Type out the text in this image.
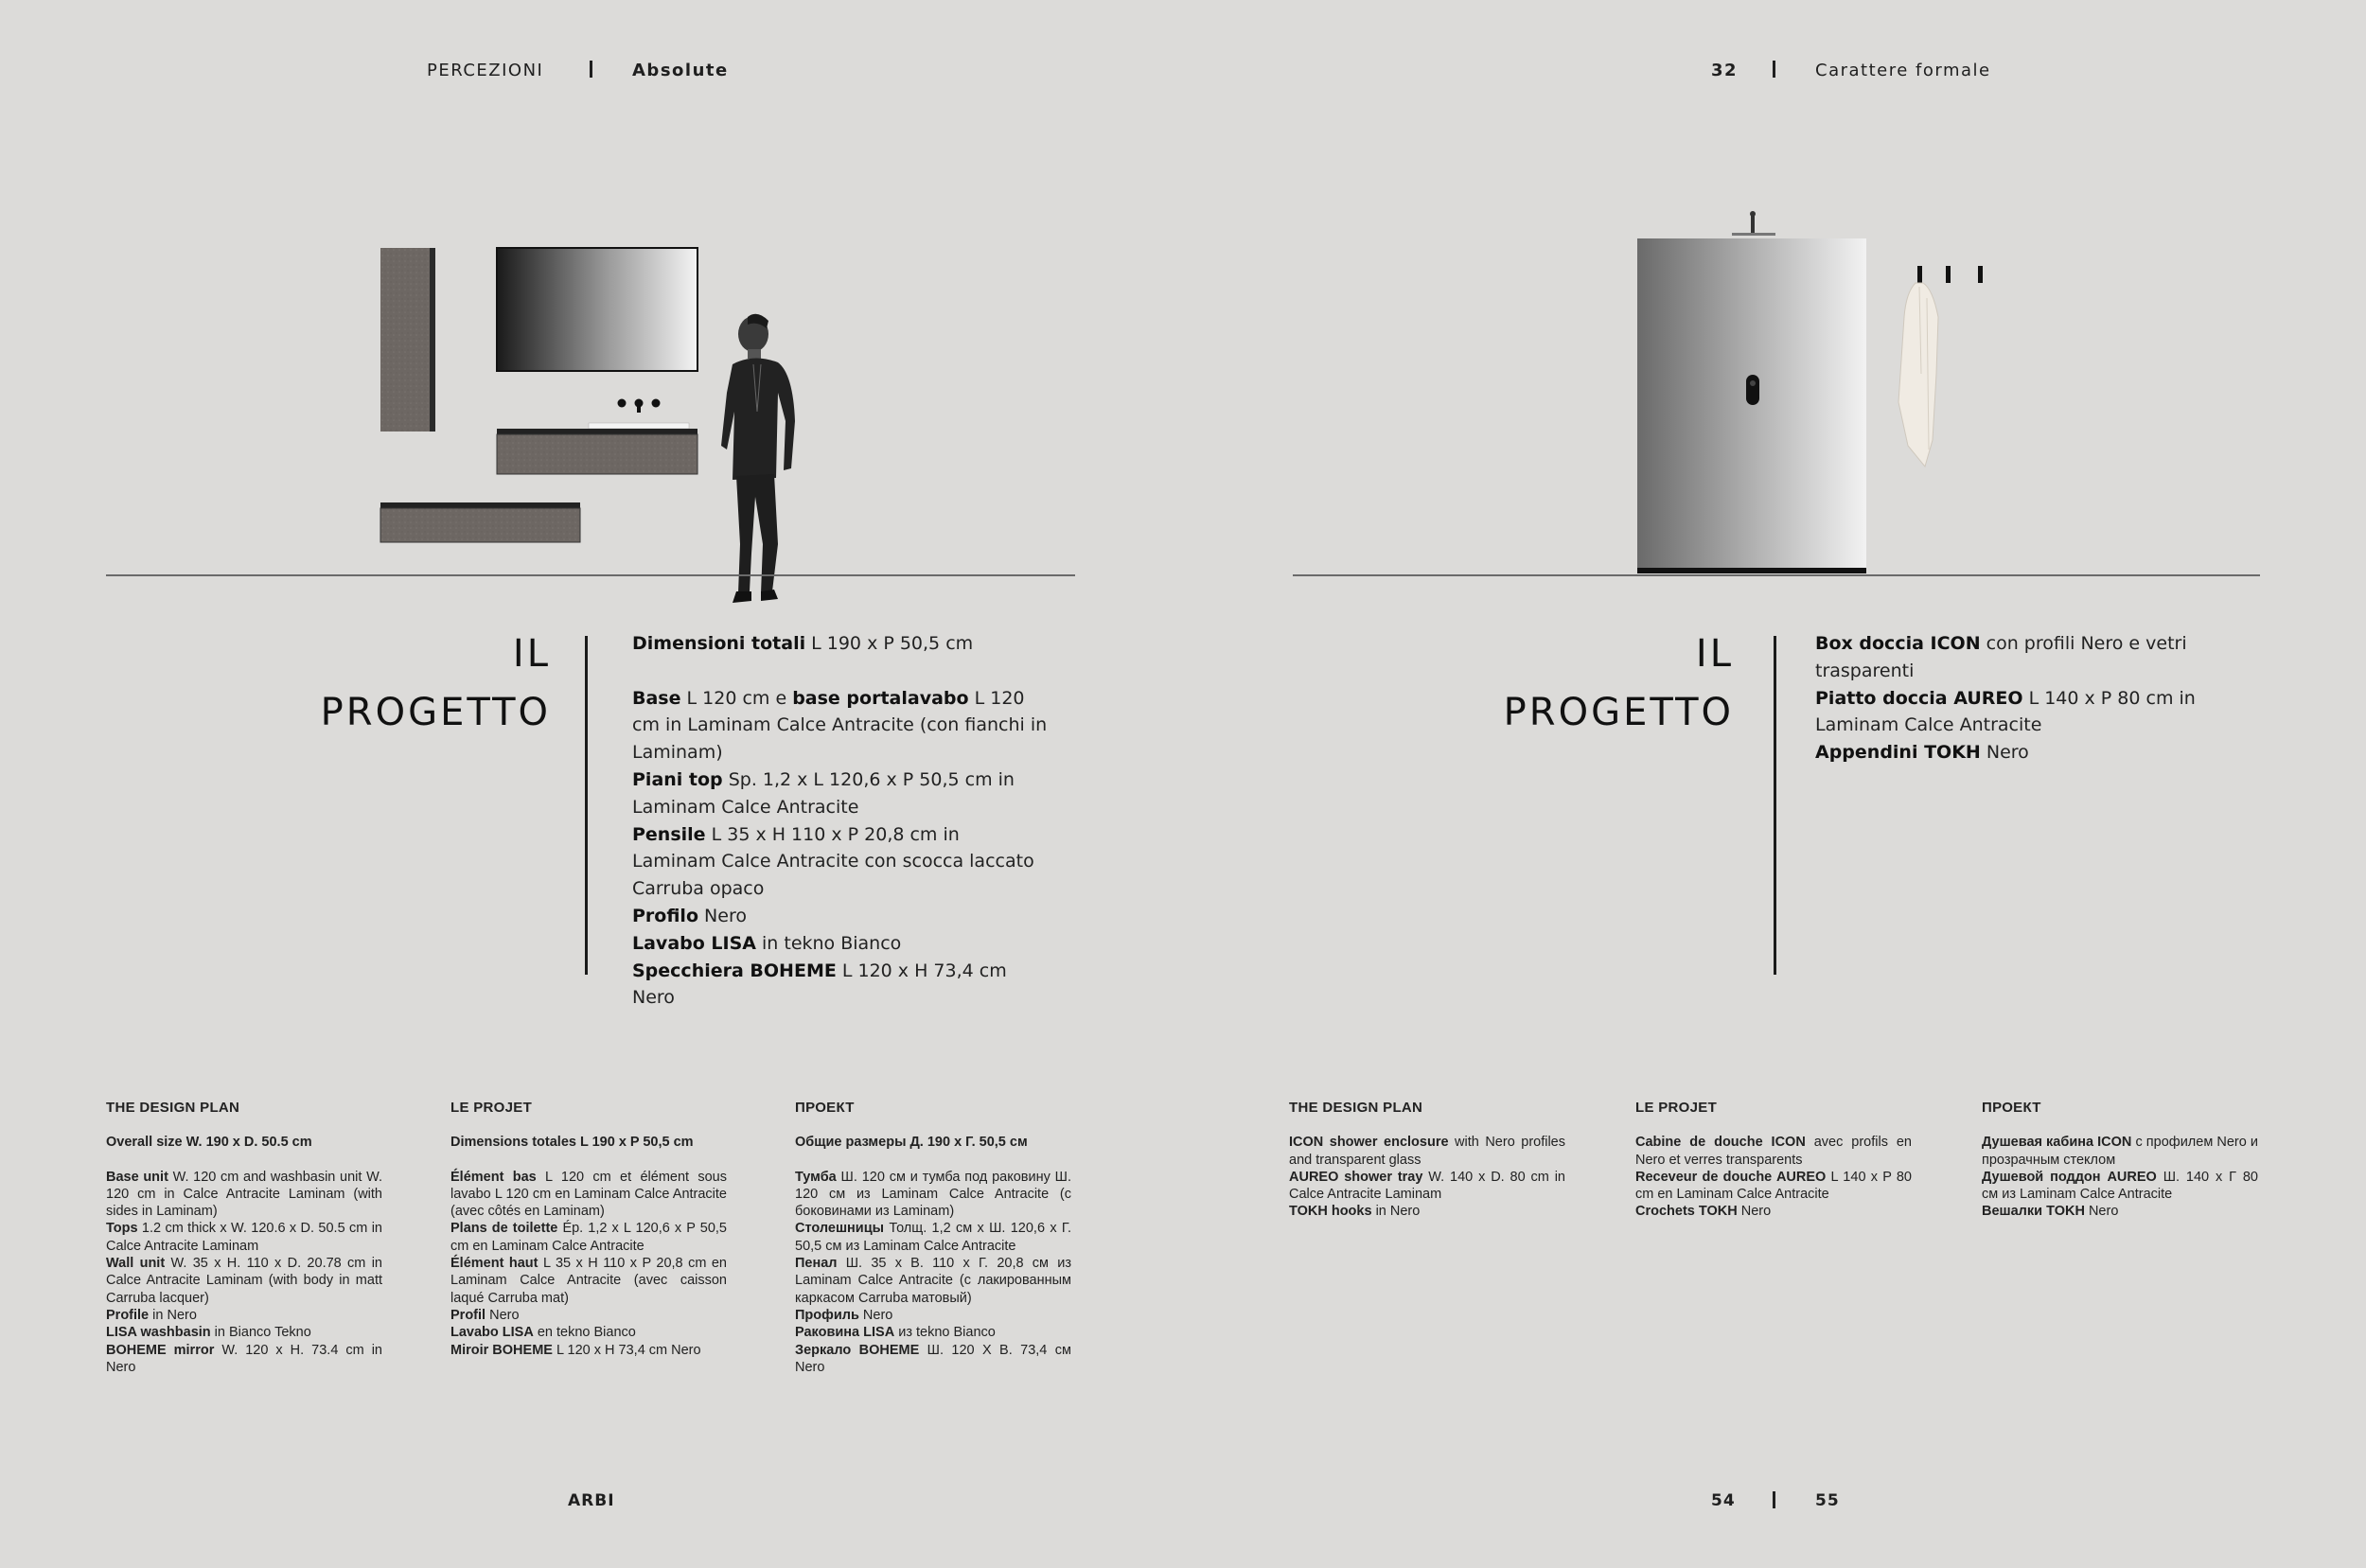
PERCEZIONI	Absolute
IL
PROGETTO

Dimensioni totali L 190 x P 50,5 cm

Base L 120 cm e base portalavabo L 120 cm in Laminam Calce Antracite (con fianchi in Laminam)

Piani top Sp. 1,2 x L 120,6 x P 50,5 cm in Laminam Calce Antracite

Pensile L 35 x H 110 x P 20,8 cm in Laminam Calce Antracite con scocca laccato Carruba opaco

Profilo Nero

Lavabo LISA in tekno Bianco

Specchiera BOHEME L 120 x H 73,4 cm Nero

THE DESIGN PLAN

Overall size W. 190 x D. 50.5 cm

Base unit W. 120 cm and washbasin unit W. 120 cm in Calce Antracite Laminam (with sides in Laminam)

Tops 1.2 cm thick x W. 120.6 x D. 50.5 cm in Calce Antracite Laminam

Wall unit W. 35 x H. 110 x D. 20.78 cm in Calce Antracite Laminam (with body in matt Carruba lacquer)

Profile in Nero

LISA washbasin in Bianco Tekno

BOHEME mirror W. 120 x H. 73.4 cm in Nero

LE PROJET

Dimensions totales L 190 x P 50,5 cm

Élément bas L 120 cm et élément sous lavabo L 120 cm en Laminam Calce Antracite (avec côtés en Laminam)

Plans de toilette Ép. 1,2 x L 120,6 x P 50,5 cm en Laminam Calce Antracite

Élément haut L 35 x H 110 x P 20,8 cm en Laminam Calce Antracite (avec caisson laqué Carruba mat)

Profil Nero

Lavabo LISA en tekno Bianco

Miroir BOHEME L 120 x H 73,4 cm Nero

ПРОЕКТ

Общие размеры Д. 190 х Г. 50,5 см

Тумба Ш. 120 см и тумба под раковину Ш. 120 см из Laminam Calce Antracite (с боковинами из Laminam)

Столешницы Толщ. 1,2 см х Ш. 120,6 х Г. 50,5 см из Laminam Calce Antracite

Пенал Ш. 35 х В. 110 х Г. 20,8 см из Laminam Calce Antracite (с лакированным каркасом Carruba матовый)

Профиль Nero

Раковина LISA из tekno Bianco

Зеркало BOHEME Ш. 120 Х В. 73,4 см Nero

ARBI
32	Carattere formale
IL
PROGETTO

Box doccia ICON con profili Nero e vetri trasparenti

Piatto doccia AUREO L 140 x P 80 cm in Laminam Calce Antracite

Appendini TOKH Nero

THE DESIGN PLAN

ICON shower enclosure with Nero profiles and transparent glass

AUREO shower tray W. 140 x D. 80 cm in Calce Antracite Laminam

TOKH hooks in Nero

LE PROJET

Cabine de douche ICON avec profils en Nero et verres transparents

Receveur de douche AUREO L 140 x P 80 cm en Laminam Calce Antracite

Crochets TOKH Nero

ПРОЕКТ

Душевая кабина ICON с профилем Nero и прозрачным стеклом

Душевой поддон AUREO Ш. 140 х Г 80 см из Laminam Calce Antracite

Вешалки TOKH Nero

54	55
